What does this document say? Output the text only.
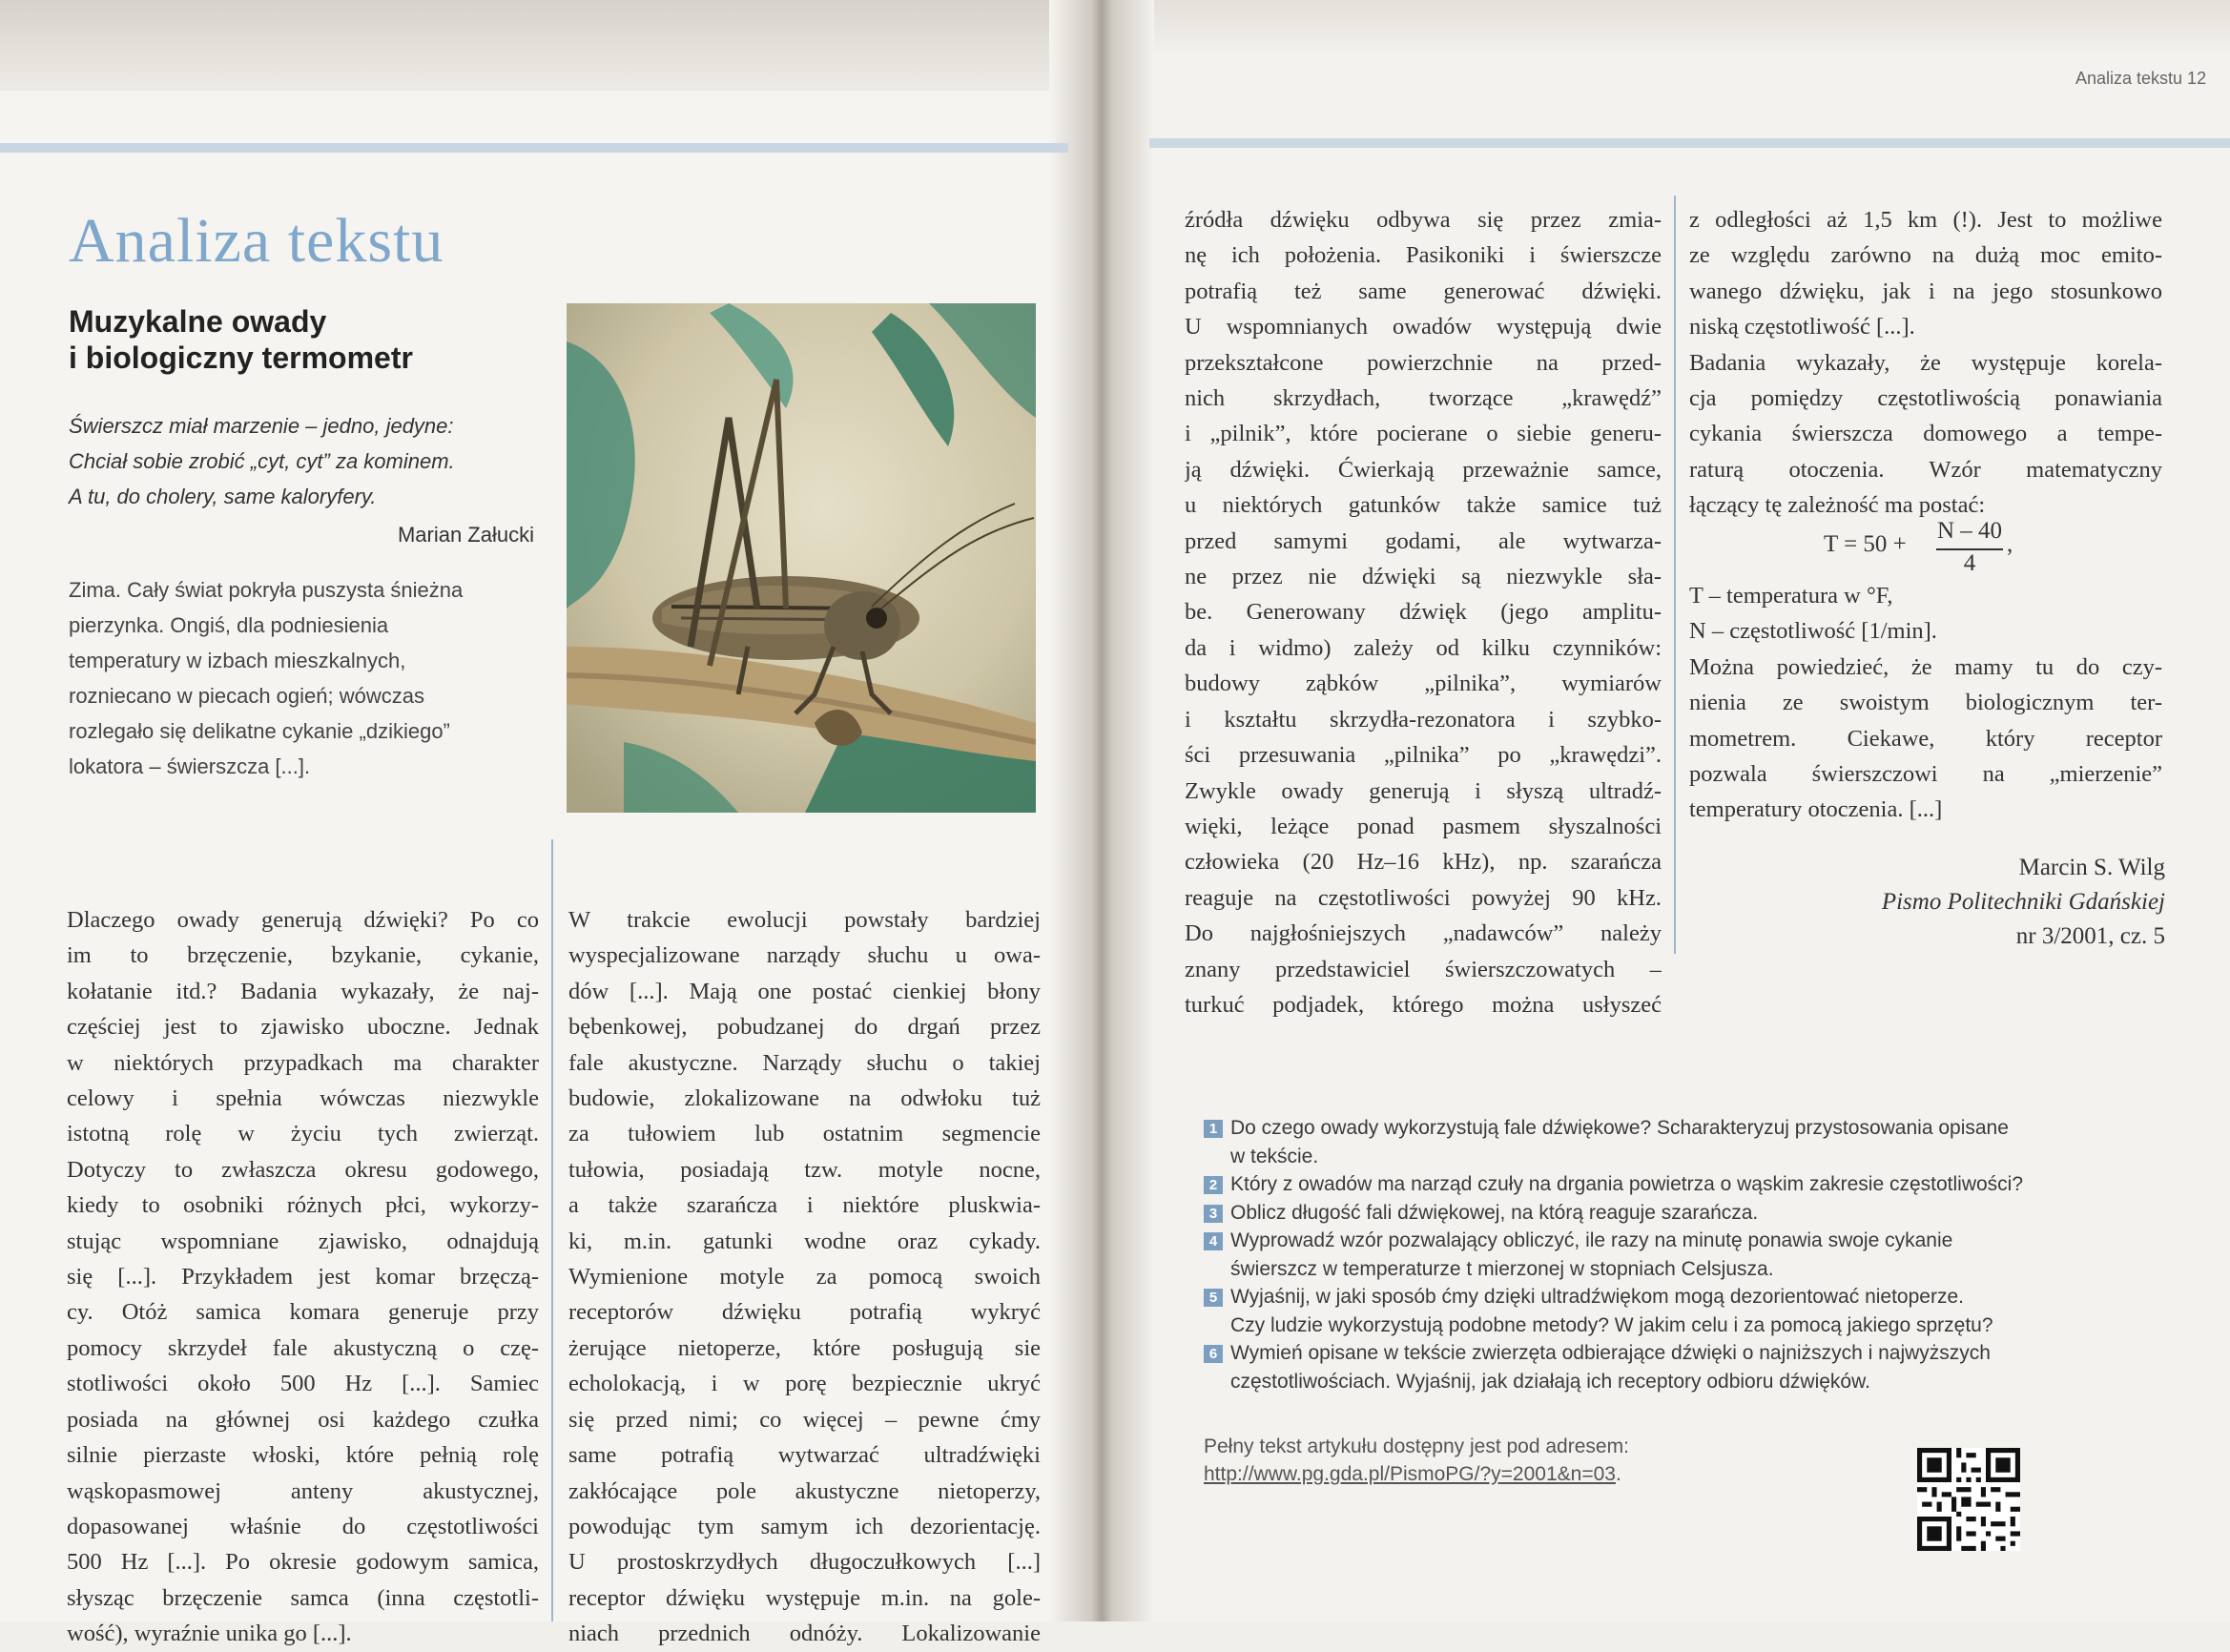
Analiza tekstu 12
Analiza tekstu
Muzykalne owady
i biologiczny termometr
Świerszcz miał marzenie – jedno, jedyne:
Chciał sobie zrobić „cyt, cyt” za kominem.
A tu, do cholery, same kaloryfery.
Marian Załucki
Zima. Cały świat pokryła puszysta śnieżna
pierzynka. Ongiś, dla podniesienia
temperatury w izbach mieszkalnych,
rozniecano w piecach ogień; wówczas
rozlegało się delikatne cykanie „dzikiego”
lokatora – świerszcza [...].
Dlaczego owady generują dźwięki? Po co
im to brzęczenie, bzykanie, cykanie,
kołatanie itd.? Badania wykazały, że naj-
częściej jest to zjawisko uboczne. Jednak
w niektórych przypadkach ma charakter
celowy i spełnia wówczas niezwykle
istotną rolę w życiu tych zwierząt.
Dotyczy to zwłaszcza okresu godowego,
kiedy to osobniki różnych płci, wykorzy-
stując wspomniane zjawisko, odnajdują
się [...]. Przykładem jest komar brzęczą-
cy. Otóż samica komara generuje przy
pomocy skrzydeł fale akustyczną o czę-
stotliwości około 500 Hz [...]. Samiec
posiada na głównej osi każdego czułka
silnie pierzaste włoski, które pełnią rolę
wąskopasmowej anteny akustycznej,
dopasowanej właśnie do częstotliwości
500 Hz [...]. Po okresie godowym samica,
słysząc brzęczenie samca (inna częstotli-
wość), wyraźnie unika go [...].
W trakcie ewolucji powstały bardziej
wyspecjalizowane narządy słuchu u owa-
dów [...]. Mają one postać cienkiej błony
bębenkowej, pobudzanej do drgań przez
fale akustyczne. Narządy słuchu o takiej
budowie, zlokalizowane na odwłoku tuż
za tułowiem lub ostatnim segmencie
tułowia, posiadają tzw. motyle nocne,
a także szarańcza i niektóre pluskwia-
ki, m.in. gatunki wodne oraz cykady.
Wymienione motyle za pomocą swoich
receptorów dźwięku potrafią wykryć
żerujące nietoperze, które posługują sie
echolokacją, i w porę bezpiecznie ukryć
się przed nimi; co więcej – pewne ćmy
same potrafią wytwarzać ultradźwięki
zakłócające pole akustyczne nietoperzy,
powodując tym samym ich dezorientację.
U prostoskrzydłych długoczułkowych [...]
receptor dźwięku występuje m.in. na gole-
niach przednich odnóży. Lokalizowanie
źródła dźwięku odbywa się przez zmia-
nę ich położenia. Pasikoniki i świerszcze
potrafią też same generować dźwięki.
U wspomnianych owadów występują dwie
przekształcone powierzchnie na przed-
nich skrzydłach, tworzące „krawędź”
i „pilnik”, które pocierane o siebie generu-
ją dźwięki. Ćwierkają przeważnie samce,
u niektórych gatunków także samice tuż
przed samymi godami, ale wytwarza-
ne przez nie dźwięki są niezwykle sła-
be. Generowany dźwięk (jego amplitu-
da i widmo) zależy od kilku czynników:
budowy ząbków „pilnika”, wymiarów
i kształtu skrzydła-rezonatora i szybko-
ści przesuwania „pilnika” po „krawędzi”.
Zwykle owady generują i słyszą ultradź-
więki, leżące ponad pasmem słyszalności
człowieka (20 Hz–16 kHz), np. szarańcza
reaguje na częstotliwości powyżej 90 kHz.
Do najgłośniejszych „nadawców” należy
znany przedstawiciel świerszczowatych –
turkuć podjadek, którego można usłyszeć
z odległości aż 1,5 km (!). Jest to możliwe
ze względu zarówno na dużą moc emito-
wanego dźwięku, jak i na jego stosunkowo
niską częstotliwość [...].
Badania wykazały, że występuje korela-
cja pomiędzy częstotliwością ponawiania
cykania świerszcza domowego a tempe-
raturą otoczenia. Wzór matematyczny
łączący tę zależność ma postać:
T = 50 +
N – 40
4
,
T – temperatura w °F,
N – częstotliwość [1/min].
Można powiedzieć, że mamy tu do czy-
nienia ze swoistym biologicznym ter-
mometrem. Ciekawe, który receptor
pozwala świerszczowi na „mierzenie”
temperatury otoczenia. [...]
Marcin S. Wilg
Pismo Politechniki Gdańskiej
nr 3/2001, cz. 5
1 Do czego owady wykorzystują fale dźwiękowe? Scharakteryzuj przystosowania opisane
w tekście.
2 Który z owadów ma narząd czuły na drgania powietrza o wąskim zakresie częstotliwości?
3 Oblicz długość fali dźwiękowej, na którą reaguje szarańcza.
4 Wyprowadź wzór pozwalający obliczyć, ile razy na minutę ponawia swoje cykanie
świerszcz w temperaturze t mierzonej w stopniach Celsjusza.
5 Wyjaśnij, w jaki sposób ćmy dzięki ultradźwiękom mogą dezorientować nietoperze.
Czy ludzie wykorzystują podobne metody? W jakim celu i za pomocą jakiego sprzętu?
6 Wymień opisane w tekście zwierzęta odbierające dźwięki o najniższych i najwyższych
częstotliwościach. Wyjaśnij, jak działają ich receptory odbioru dźwięków.
Pełny tekst artykułu dostępny jest pod adresem:
http://www.pg.gda.pl/PismoPG/?y=2001&n=03.
